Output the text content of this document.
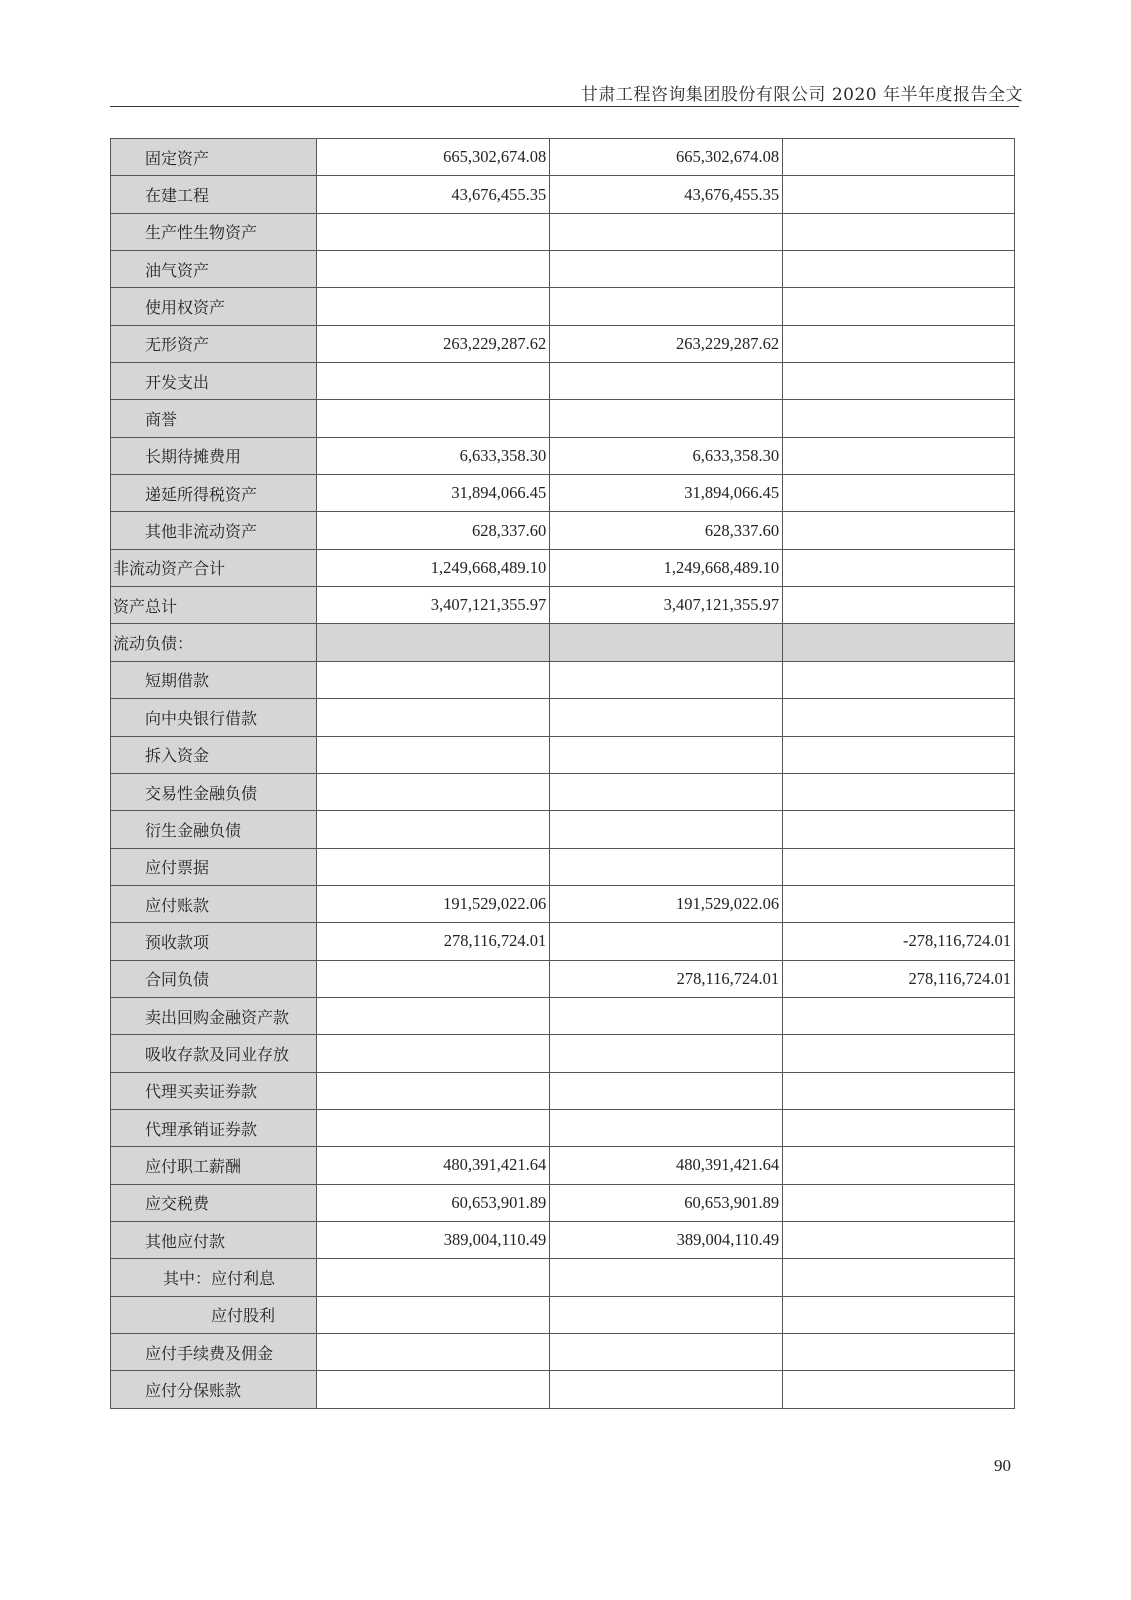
甘肃工程咨询集团股份有限公司 2020 年半年度报告全文
固定资产	665,302,674.08	665,302,674.08	
在建工程	43,676,455.35	43,676,455.35	
生产性生物资产			
油气资产			
使用权资产			
无形资产	263,229,287.62	263,229,287.62	
开发支出			
商誉			
长期待摊费用	6,633,358.30	6,633,358.30	
递延所得税资产	31,894,066.45	31,894,066.45	
其他非流动资产	628,337.60	628,337.60	
非流动资产合计	1,249,668,489.10	1,249,668,489.10	
资产总计	3,407,121,355.97	3,407,121,355.97	
流动负债：			
短期借款			
向中央银行借款			
拆入资金			
交易性金融负债			
衍生金融负债			
应付票据			
应付账款	191,529,022.06	191,529,022.06	
预收款项	278,116,724.01		-278,116,724.01
合同负债		278,116,724.01	278,116,724.01
卖出回购金融资产款			
吸收存款及同业存放			
代理买卖证券款			
代理承销证券款			
应付职工薪酬	480,391,421.64	480,391,421.64	
应交税费	60,653,901.89	60,653,901.89	
其他应付款	389,004,110.49	389,004,110.49	
其中：应付利息			
应付股利			
应付手续费及佣金			
应付分保账款			
90
